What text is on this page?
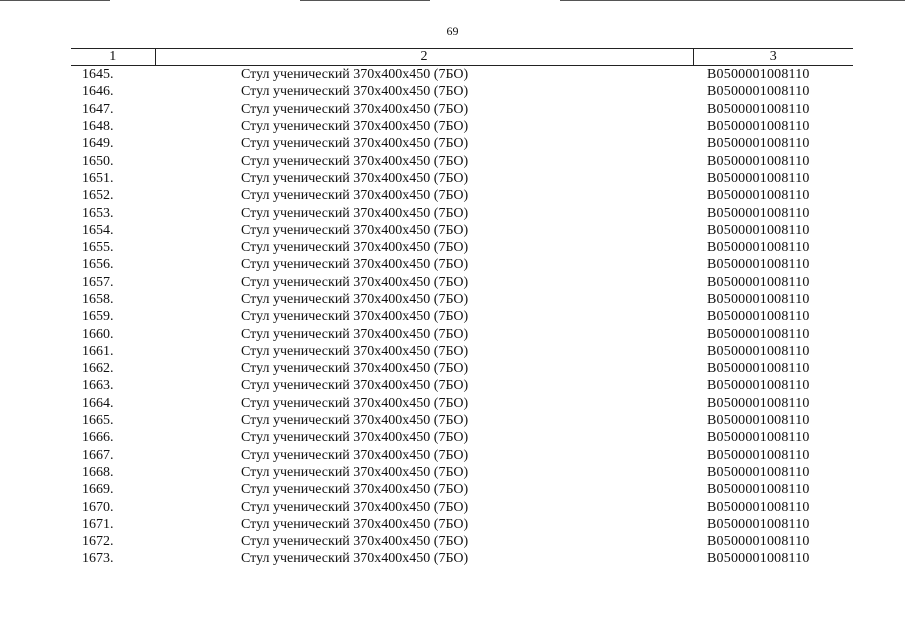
69
1	2	3
1645.	Стул ученический 370x400x450 (7БО)	B0500001008110
1646.	Стул ученический 370x400x450 (7БО)	B0500001008110
1647.	Стул ученический 370x400x450 (7БО)	B0500001008110
1648.	Стул ученический 370x400x450 (7БО)	B0500001008110
1649.	Стул ученический 370x400x450 (7БО)	B0500001008110
1650.	Стул ученический 370x400x450 (7БО)	B0500001008110
1651.	Стул ученический 370x400x450 (7БО)	B0500001008110
1652.	Стул ученический 370x400x450 (7БО)	B0500001008110
1653.	Стул ученический 370x400x450 (7БО)	B0500001008110
1654.	Стул ученический 370x400x450 (7БО)	B0500001008110
1655.	Стул ученический 370x400x450 (7БО)	B0500001008110
1656.	Стул ученический 370x400x450 (7БО)	B0500001008110
1657.	Стул ученический 370x400x450 (7БО)	B0500001008110
1658.	Стул ученический 370x400x450 (7БО)	B0500001008110
1659.	Стул ученический 370x400x450 (7БО)	B0500001008110
1660.	Стул ученический 370x400x450 (7БО)	B0500001008110
1661.	Стул ученический 370x400x450 (7БО)	B0500001008110
1662.	Стул ученический 370x400x450 (7БО)	B0500001008110
1663.	Стул ученический 370x400x450 (7БО)	B0500001008110
1664.	Стул ученический 370x400x450 (7БО)	B0500001008110
1665.	Стул ученический 370x400x450 (7БО)	B0500001008110
1666.	Стул ученический 370x400x450 (7БО)	B0500001008110
1667.	Стул ученический 370x400x450 (7БО)	B0500001008110
1668.	Стул ученический 370x400x450 (7БО)	B0500001008110
1669.	Стул ученический 370x400x450 (7БО)	B0500001008110
1670.	Стул ученический 370x400x450 (7БО)	B0500001008110
1671.	Стул ученический 370x400x450 (7БО)	B0500001008110
1672.	Стул ученический 370x400x450 (7БО)	B0500001008110
1673.	Стул ученический 370x400x450 (7БО)	B0500001008110
